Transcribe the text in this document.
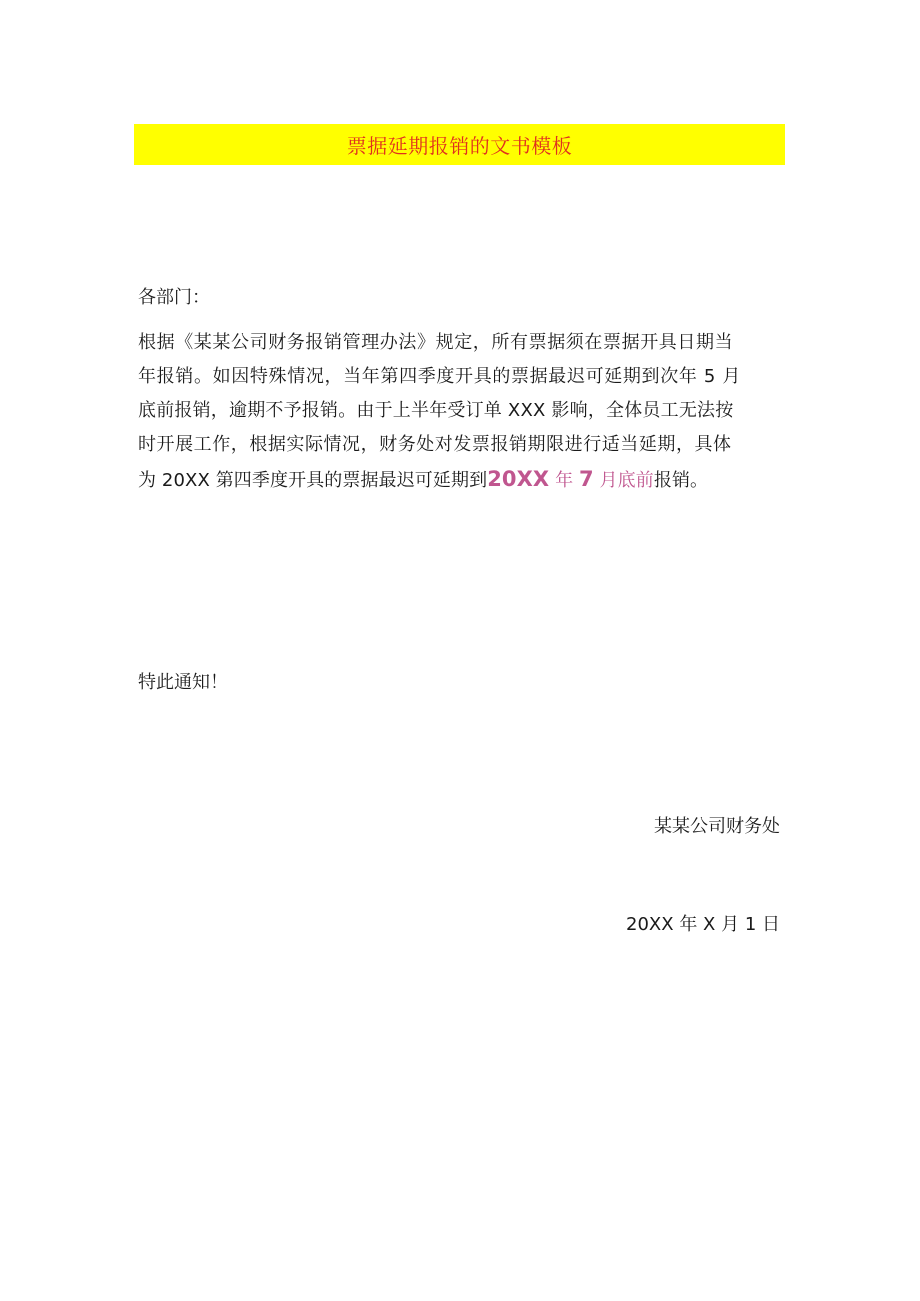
票据延期报销的文书模板
各部门：

根据《某某公司财务报销管理办法》规定，所有票据须在票据开具日期当

年报销。如因特殊情况，当年第四季度开具的票据最迟可延期到次年 5 月

底前报销，逾期不予报销。由于上半年受订单 XXX 影响，全体员工无法按

时开展工作，根据实际情况，财务处对发票报销期限进行适当延期，具体

为 20XX 第四季度开具的票据最迟可延期到20XX 年 7 月底前报销。

特此通知！
某某公司财务处
20XX 年 X 月 1 日
